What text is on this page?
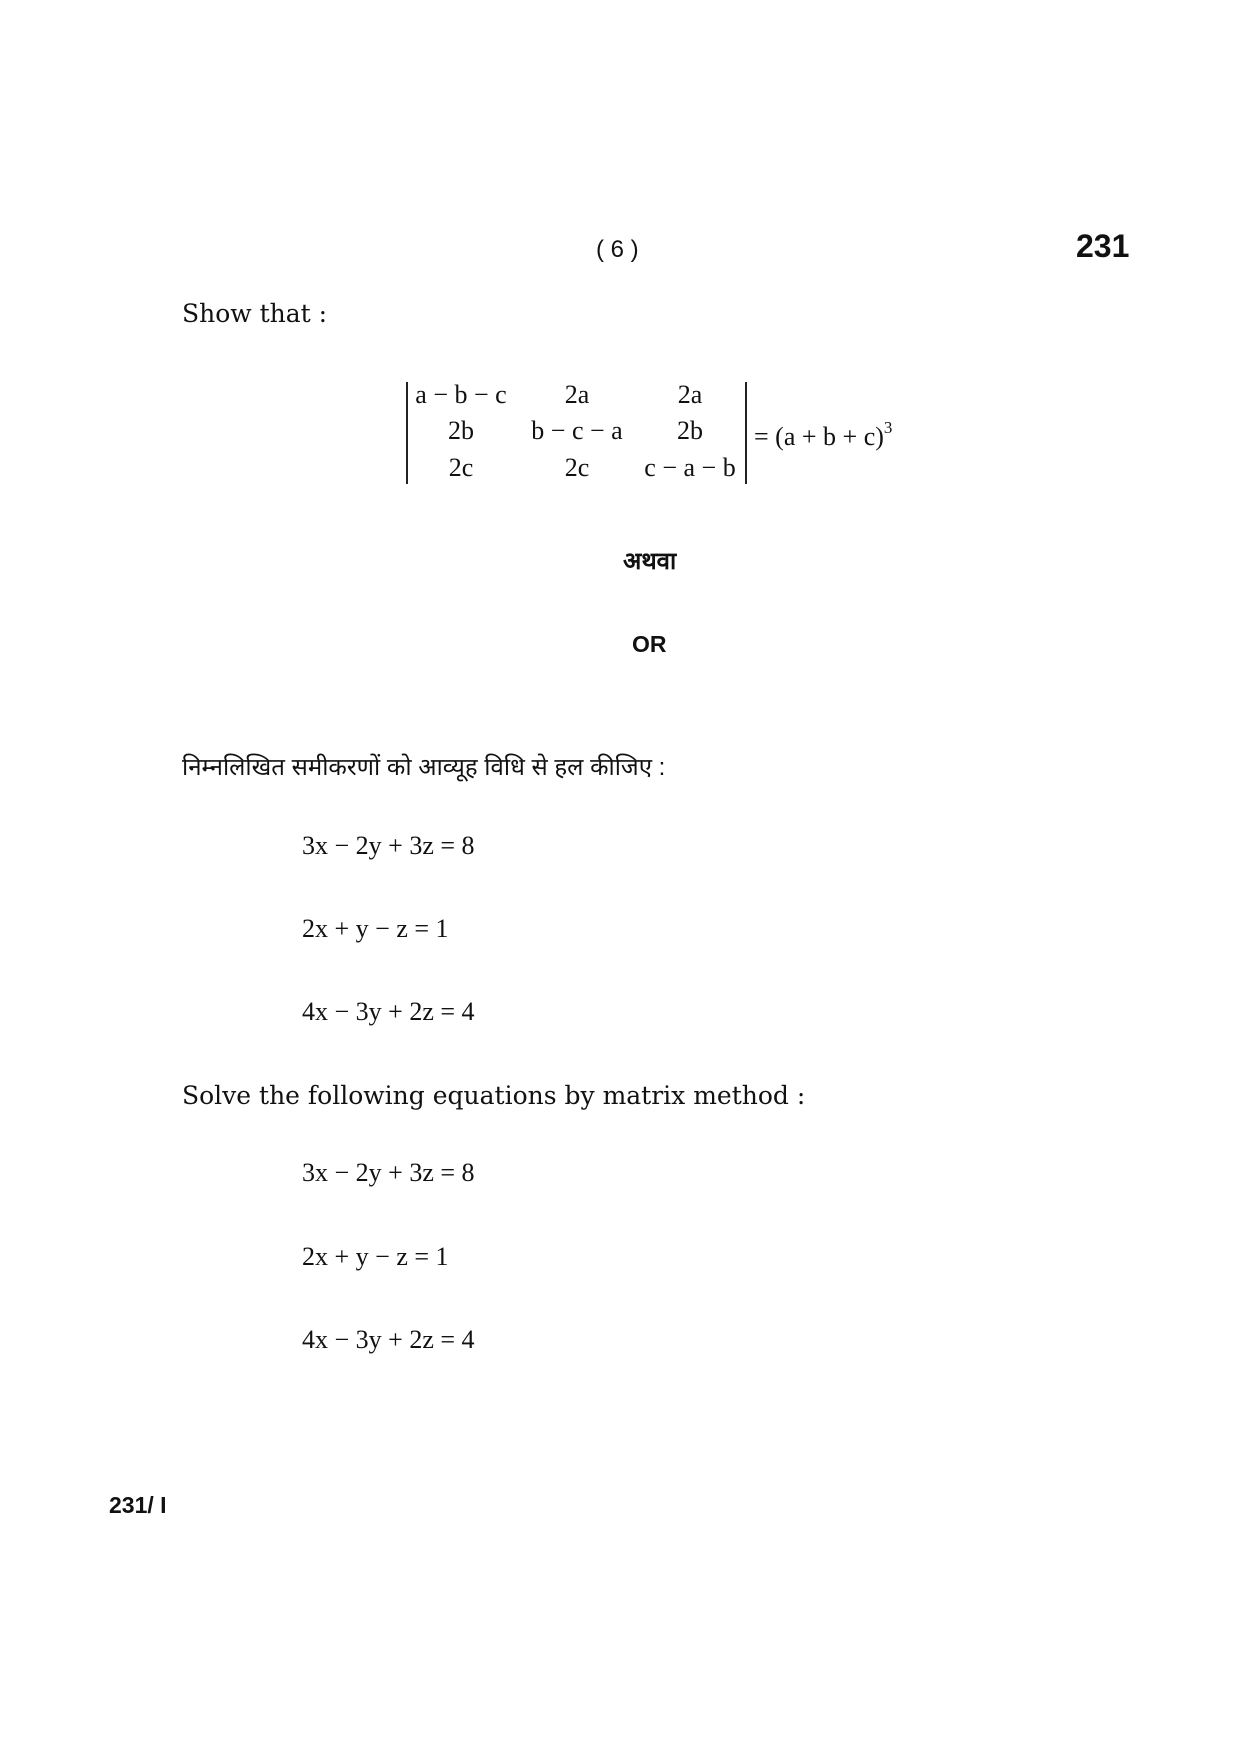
( 6 )	231
Show that :
a − b − c	2a	2a
2b	b − c − a	2b
2c	2c	c − a − b
= $(a + b + c)^3$
अथवा
OR
निम्नलिखित समीकरणों को आव्यूह विधि से हल कीजिए :
3x − 2y + 3z = 8
2x + y − z = 1
4x − 3y + 2z = 4
Solve the following equations by matrix method :
3x − 2y + 3z = 8
2x + y − z = 1
4x − 3y + 2z = 4
231/ I
